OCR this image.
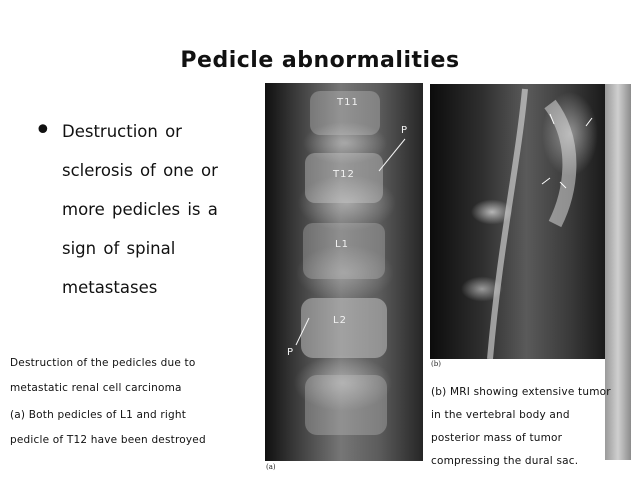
Pedicle abnormalities
• Destruction or
sclerosis of one or
more pedicles is a
sign of spinal
metastases
Destruction of the pedicles due to
metastatic renal cell carcinoma
(a) Both pedicles of L1 and right
pedicle of T12 have been destroyed
T11
T12
L1
L2
P
P
(a)
(b)
(b) MRI showing extensive tumor
in the vertebral body and
posterior mass of tumor
compressing the dural sac.
